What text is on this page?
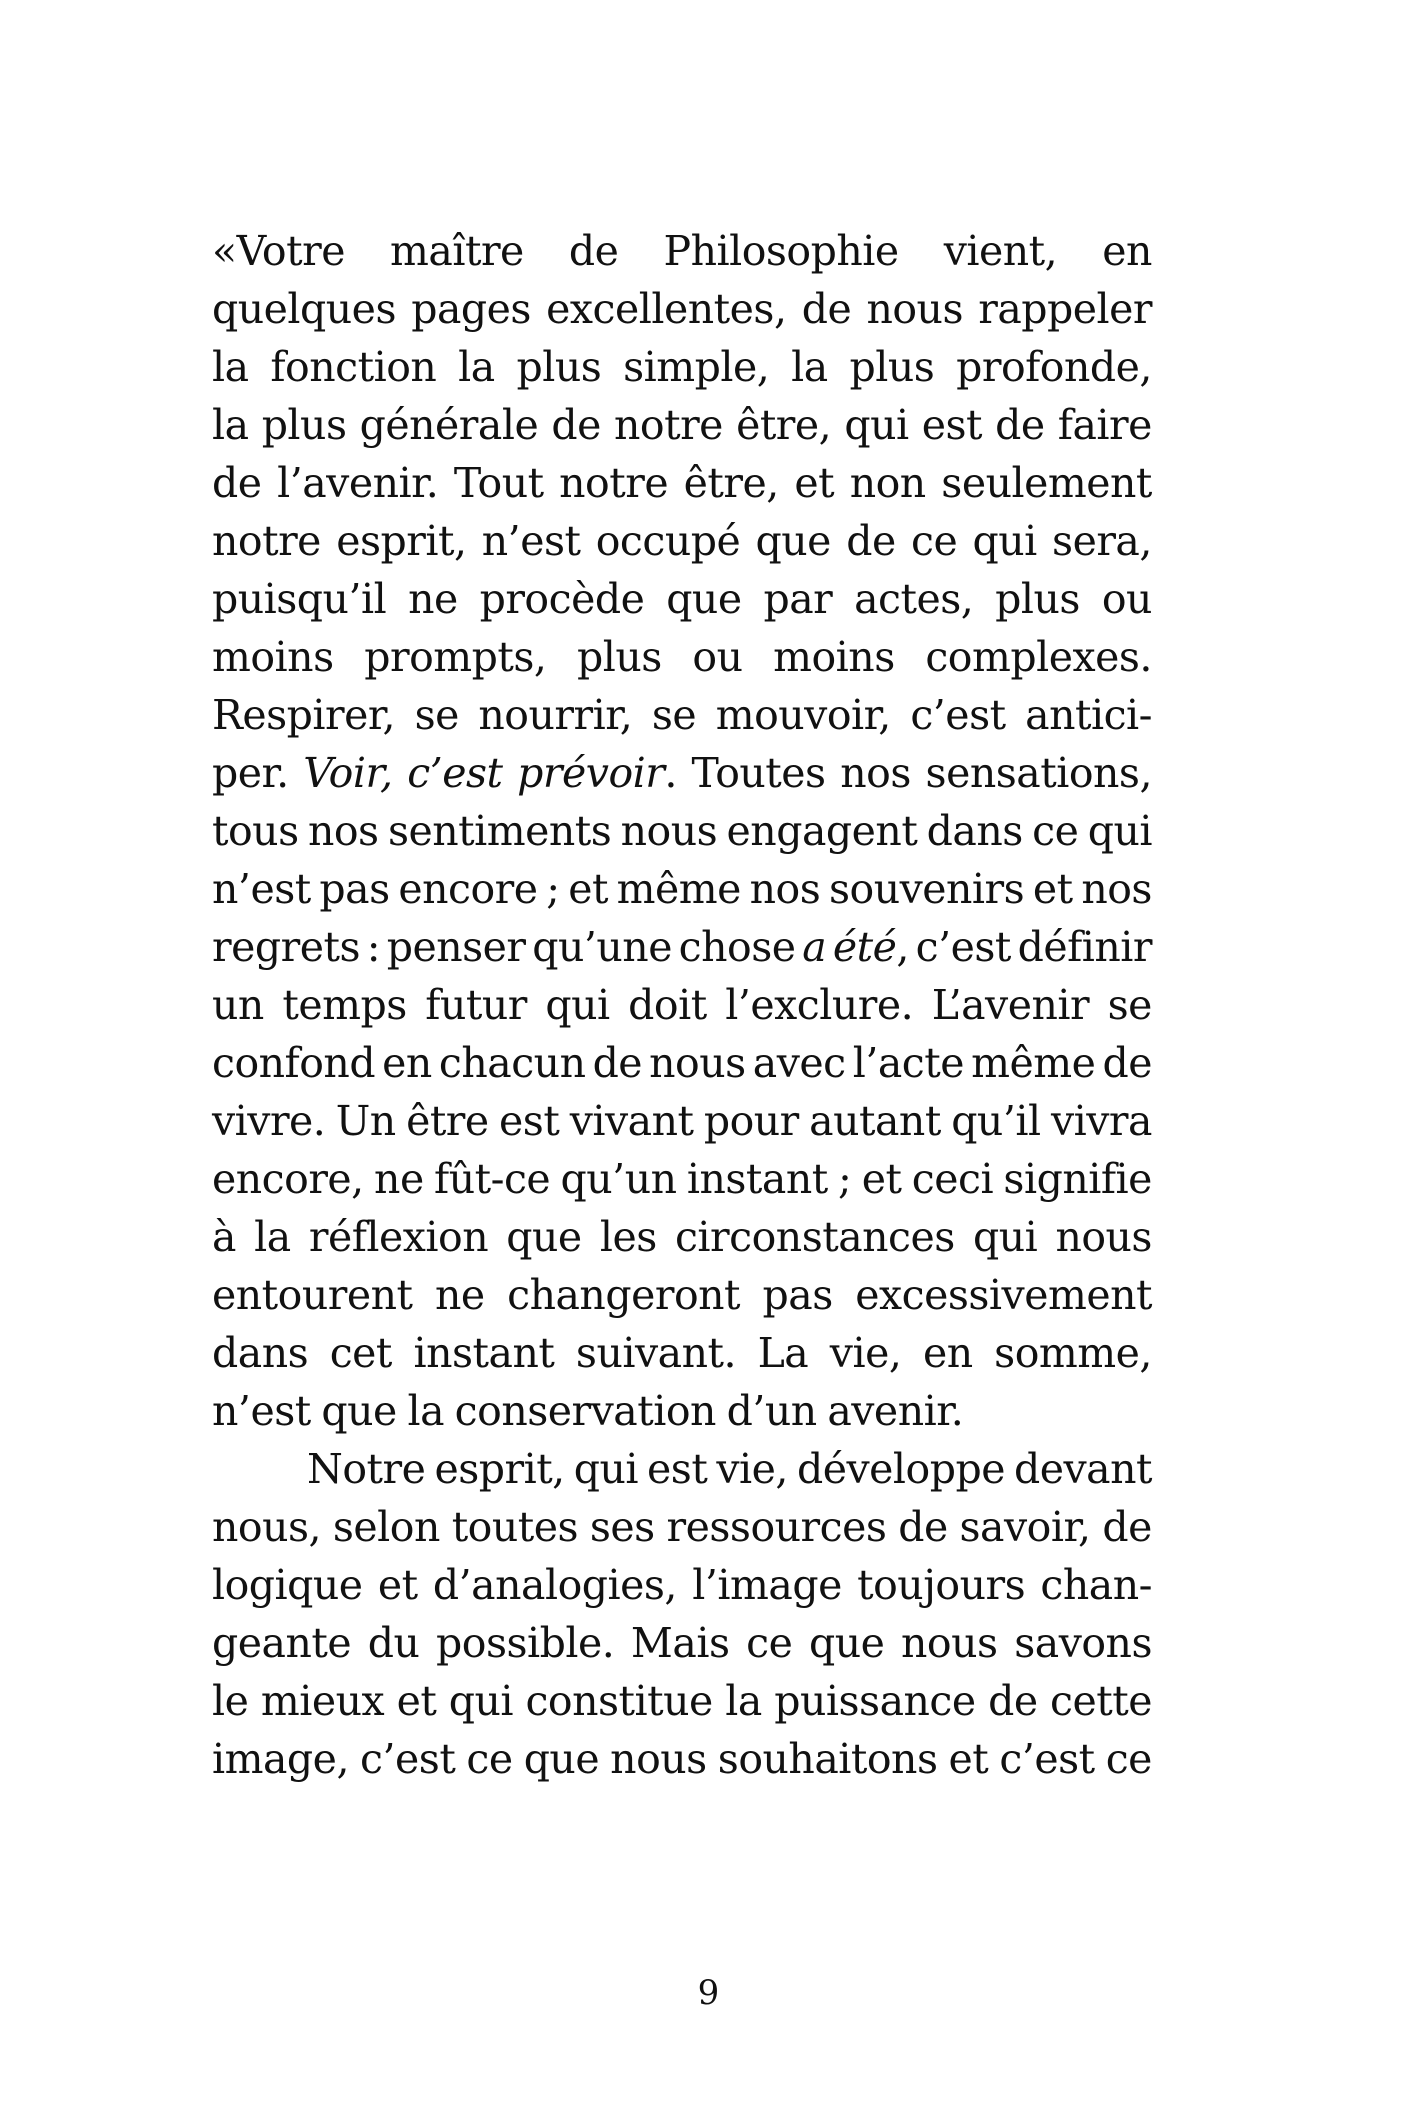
«Votre maître de Philosophie vient, en
quelques pages excellentes, de nous rappeler
la fonction la plus simple, la plus profonde,
la plus générale de notre être, qui est de faire
de l’avenir. Tout notre être, et non seulement
notre esprit, n’est occupé que de ce qui sera,
puisqu’il ne procède que par actes, plus ou
moins prompts, plus ou moins complexes.
Respirer, se nourrir, se mouvoir, c’est antici-
per. Voir, c’est prévoir. Toutes nos sensations,
tous nos sentiments nous engagent dans ce qui
n’est pas encore ; et même nos souvenirs et nos
regrets : penser qu’une chose a été, c’est définir
un temps futur qui doit l’exclure. L’avenir se
confond en chacun de nous avec l’acte même de
vivre. Un être est vivant pour autant qu’il vivra
encore, ne fût-ce qu’un instant ; et ceci signifie
à la réflexion que les circonstances qui nous
entourent ne changeront pas excessivement
dans cet instant suivant. La vie, en somme,
n’est que la conservation d’un avenir.
Notre esprit, qui est vie, développe devant
nous, selon toutes ses ressources de savoir, de
logique et d’analogies, l’image toujours chan-
geante du possible. Mais ce que nous savons
le mieux et qui constitue la puissance de cette
image, c’est ce que nous souhaitons et c’est ce
9
